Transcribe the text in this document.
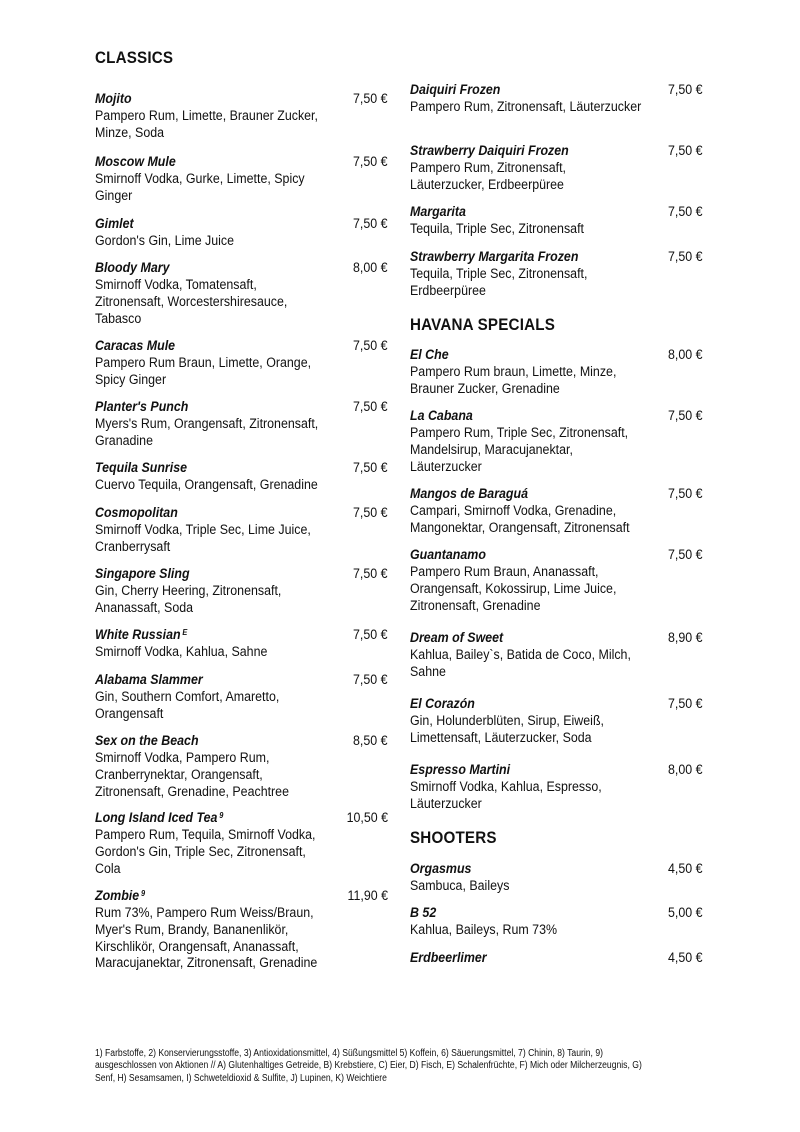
CLASSICS
Mojito	7,50 €
Pampero Rum, Limette, Brauner Zucker, Minze, Soda
Moscow Mule	7,50 €
Smirnoff Vodka, Gurke, Limette, Spicy Ginger
Gimlet	7,50 €
Gordon's Gin, Lime Juice
Bloody Mary	8,00 €
Smirnoff Vodka, Tomatensaft, Zitronensaft, Worcestershiresauce, Tabasco
Caracas Mule	7,50 €
Pampero Rum Braun, Limette, Orange, Spicy Ginger
Planter's Punch	7,50 €
Myers's Rum, Orangensaft, Zitronensaft, Granadine
Tequila Sunrise	7,50 €
Cuervo Tequila, Orangensaft, Grenadine
Cosmopolitan	7,50 €
Smirnoff Vodka, Triple Sec, Lime Juice, Cranberrysaft
Singapore Sling	7,50 €
Gin, Cherry Heering, Zitronensaft, Ananassaft, Soda
White Russian $^E$	7,50 €
Smirnoff Vodka, Kahlua, Sahne
Alabama Slammer	7,50 €
Gin, Southern Comfort, Amaretto, Orangensaft
Sex on the Beach	8,50 €
Smirnoff Vodka, Pampero Rum, Cranberrynektar, Orangensaft, Zitronensaft, Grenadine, Peachtree
Long Island Iced Tea $^9$	10,50 €
Pampero Rum, Tequila, Smirnoff Vodka, Gordon's Gin, Triple Sec, Zitronensaft, Cola
Zombie $^9$	11,90 €
Rum 73%, Pampero Rum Weiss/Braun, Myer's Rum, Brandy, Bananenlikör, Kirschlikör, Orangensaft, Ananassaft, Maracujanektar, Zitronensaft, Grenadine
Daiquiri Frozen	7,50 €
Pampero Rum, Zitronensaft, Läuterzucker
Strawberry Daiquiri Frozen	7,50 €
Pampero Rum, Zitronensaft, Läuterzucker, Erdbeerpüree
Margarita	7,50 €
Tequila, Triple Sec, Zitronensaft
Strawberry Margarita Frozen	7,50 €
Tequila, Triple Sec, Zitronensaft, Erdbeerpüree
HAVANA SPECIALS
El Che	8,00 €
Pampero Rum braun, Limette, Minze, Brauner Zucker, Grenadine
La Cabana	7,50 €
Pampero Rum, Triple Sec, Zitronensaft, Mandelsirup, Maracujanektar, Läuterzucker
Mangos de Baraguá	7,50 €
Campari, Smirnoff Vodka, Grenadine, Mangonektar, Orangensaft, Zitronensaft
Guantanamo	7,50 €
Pampero Rum Braun, Ananassaft, Orangensaft, Kokossirup, Lime Juice, Zitronensaft, Grenadine
Dream of Sweet	8,90 €
Kahlua, Bailey`s, Batida de Coco, Milch, Sahne
El Corazón	7,50 €
Gin, Holunderblüten, Sirup, Eiweiß, Limettensaft, Läuterzucker, Soda
Espresso Martini	8,00 €
Smirnoff Vodka, Kahlua, Espresso, Läuterzucker
SHOOTERS
Orgasmus	4,50 €
Sambuca, Baileys
B 52	5,00 €
Kahlua, Baileys, Rum 73%
Erdbeerlimer	4,50 €
1) Farbstoffe, 2) Konservierungsstoffe, 3) Antioxidationsmittel, 4) Süßungsmittel 5) Koffein, 6) Säuerungsmittel, 7) Chinin, 8) Taurin, 9) ausgeschlossen von Aktionen // A) Glutenhaltiges Getreide, B) Krebstiere, C) Eier, D) Fisch, E) Schalenfrüchte, F) Mich oder Milcherzeugnis, G) Senf, H) Sesamsamen, I) Schweteldioxid & Sulfite, J) Lupinen, K) Weichtiere
